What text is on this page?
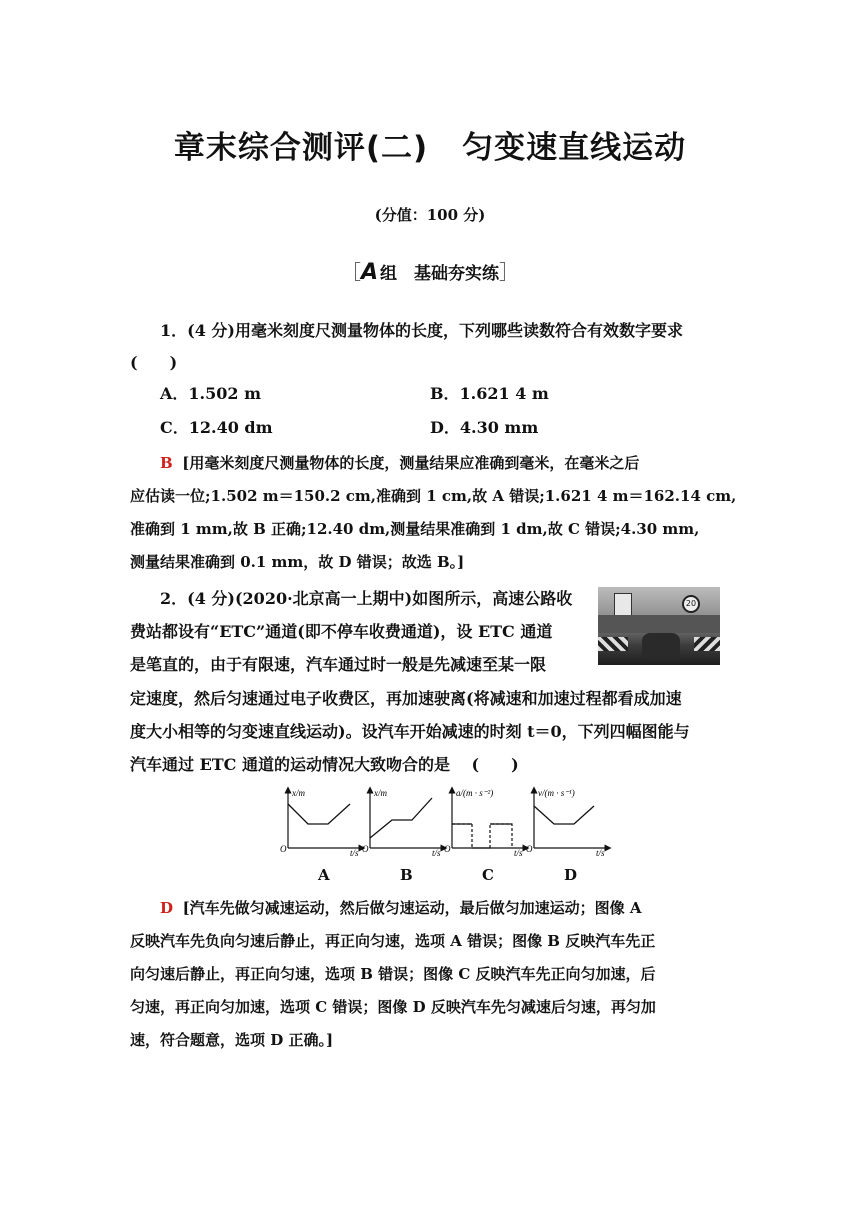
章末综合测评(二) 匀变速直线运动
(分值：100 分)
［A 组　基础夯实练］
1．(4 分)用毫米刻度尺测量物体的长度，下列哪些读数符合有效数字要求
(　　)
A．1.502 m	B．1.621 4 m
C．12.40 dm	D．4.30 mm
B [用毫米刻度尺测量物体的长度，测量结果应准确到毫米，在毫米之后
应估读一位;1.502 m＝150.2 cm,准确到 1 cm,故 A 错误;1.621 4 m＝162.14 cm,
准确到 1 mm,故 B 正确;12.40 dm,测量结果准确到 1 dm,故 C 错误;4.30 mm,
测量结果准确到 0.1 mm，故 D 错误；故选 B。]
2．(4 分)(2020·北京高一上期中)如图所示，高速公路收
费站都设有“ETC”通道(即不停车收费通道)，设 ETC 通道
是笔直的，由于有限速，汽车通过时一般是先减速至某一限
定速度，然后匀速通过电子收费区，再加速驶离(将减速和加速过程都看成加速
度大小相等的匀变速直线运动)。设汽车开始减速的时刻 t＝0，下列四幅图能与
汽车通过 ETC 通道的运动情况大致吻合的是　 (　　)
20
x/m
O	t/s
x/m
O	t/s
a/(m · s⁻²)
O	t/s
v/(m · s⁻¹)
O	t/s
A	B	C	D
D [汽车先做匀减速运动，然后做匀速运动，最后做匀加速运动；图像 A
反映汽车先负向匀速后静止，再正向匀速，选项 A 错误；图像 B 反映汽车先正
向匀速后静止，再正向匀速，选项 B 错误；图像 C 反映汽车先正向匀加速，后
匀速，再正向匀加速，选项 C 错误；图像 D 反映汽车先匀减速后匀速，再匀加
速，符合题意，选项 D 正确。]
